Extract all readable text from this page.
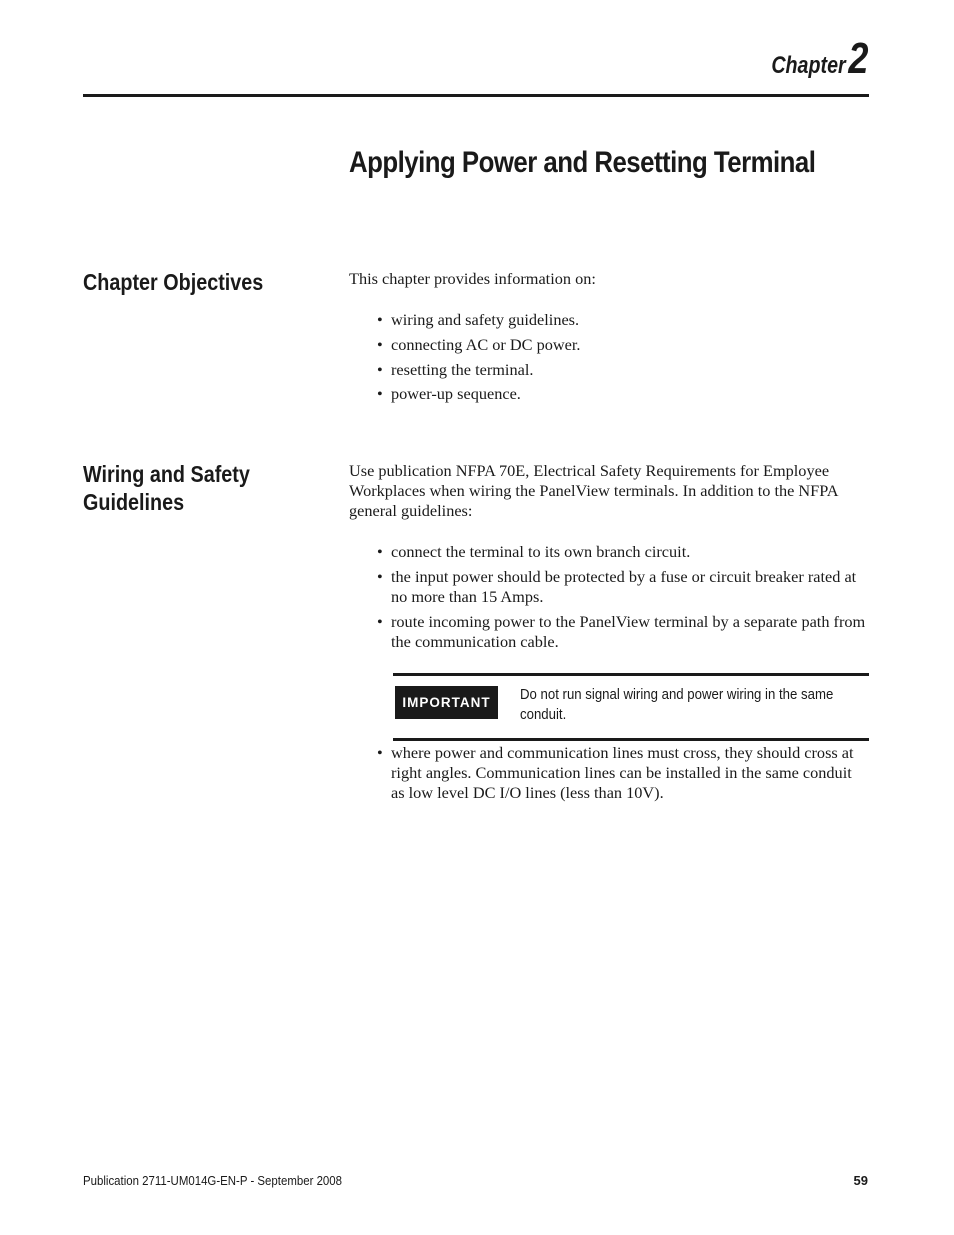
Chapter 2
Applying Power and Resetting Terminal
Chapter Objectives	This chapter provides information on:

• wiring and safety guidelines.
• connecting AC or DC power.
• resetting the terminal.
• power-up sequence.
Wiring and Safety Guidelines

Use publication NFPA 70E, Electrical Safety Requirements for Employee Workplaces when wiring the PanelView terminals. In addition to the NFPA general guidelines:

• connect the terminal to its own branch circuit.
• the input power should be protected by a fuse or circuit breaker rated at no more than 15 Amps.
• route incoming power to the PanelView terminal by a separate path from the communication cable.
IMPORTANT	Do not run signal wiring and power wiring in the same conduit.
• where power and communication lines must cross, they should cross at right angles. Communication lines can be installed in the same conduit as low level DC I/O lines (less than 10V).
Publication 2711-UM014G-EN-P - September 2008	59
